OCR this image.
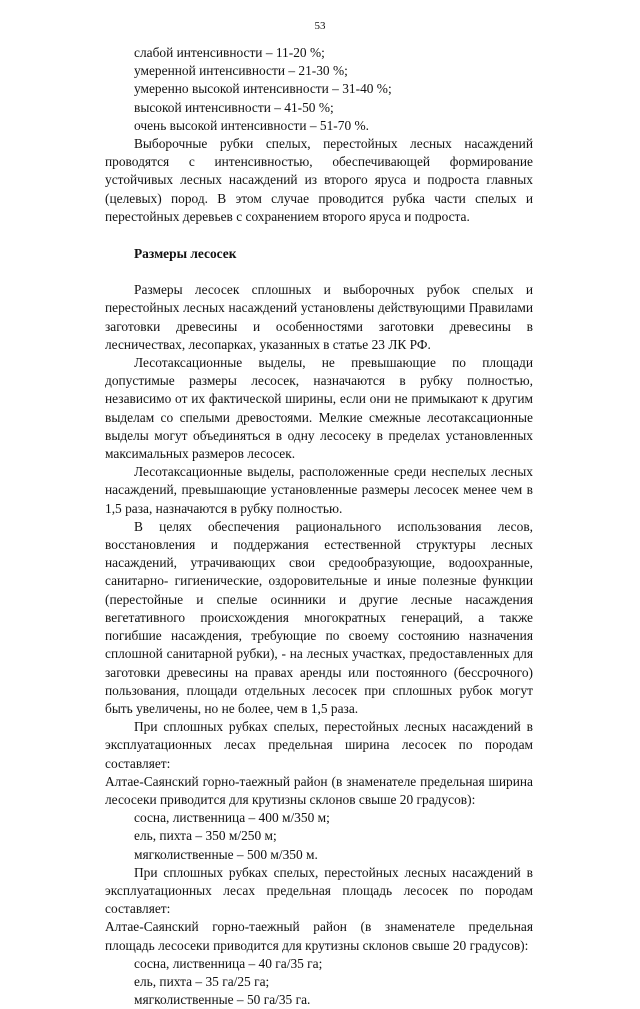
53

слабой интенсивности – 11-20 %;

умеренной интенсивности – 21-30 %;

умеренно высокой интенсивности – 31-40 %;

высокой интенсивности – 41-50 %;

очень высокой интенсивности – 51-70 %.

Выборочные рубки спелых, перестойных лесных насаждений проводятся с интенсивностью, обеспечивающей формирование устойчивых лесных насаждений из второго яруса и подроста главных (целевых) пород. В этом случае проводится рубка части спелых и перестойных деревьев с сохранением второго яруса и подроста.

Размеры лесосек

Размеры лесосек сплошных и выборочных рубок спелых и перестойных лесных насаждений установлены действующими Правилами заготовки древесины и особенностями заготовки древесины в лесничествах, лесопарках, указанных в статье 23 ЛК РФ.

Лесотаксационные выделы, не превышающие по площади допустимые размеры лесосек, назначаются в рубку полностью, независимо от их фактической ширины, если они не примыкают к другим выделам со спелыми древостоями. Мелкие смежные лесотаксационные выделы могут объединяться в одну лесосеку в пределах установленных максимальных размеров лесосек.

Лесотаксационные выделы, расположенные среди неспелых лесных насаждений, превышающие установленные размеры лесосек менее чем в 1,5 раза, назначаются в рубку полностью.

В целях обеспечения рационального использования лесов, восстановления и поддержания естественной структуры лесных насаждений, утрачивающих свои средообразующие, водоохранные, санитарно- гигиенические, оздоровительные и иные полезные функции (перестойные и спелые осинники и другие лесные насаждения вегетативного происхождения многократных генераций, а также погибшие насаждения, требующие по своему состоянию назначения сплошной санитарной рубки), - на лесных участках, предоставленных для заготовки древесины на правах аренды или постоянного (бессрочного) пользования, площади отдельных лесосек при сплошных рубок могут быть увеличены, но не более, чем в 1,5 раза.

При сплошных рубках спелых, перестойных лесных насаждений в эксплуатационных лесах предельная ширина лесосек по породам составляет:

Алтае-Саянский горно-таежный район (в знаменателе предельная ширина лесосеки приводится для крутизны склонов свыше 20 градусов):

сосна, лиственница – 400 м/350 м;

ель, пихта – 350 м/250 м;

мягколиственные – 500 м/350 м.

При сплошных рубках спелых, перестойных лесных насаждений в эксплуатационных лесах предельная площадь лесосек по породам составляет:

Алтае-Саянский горно-таежный район (в знаменателе предельная площадь лесосеки приводится для крутизны склонов свыше 20 градусов):

сосна, лиственница – 40 га/35 га;

ель, пихта – 35 га/25 га;

мягколиственные – 50 га/35 га.
